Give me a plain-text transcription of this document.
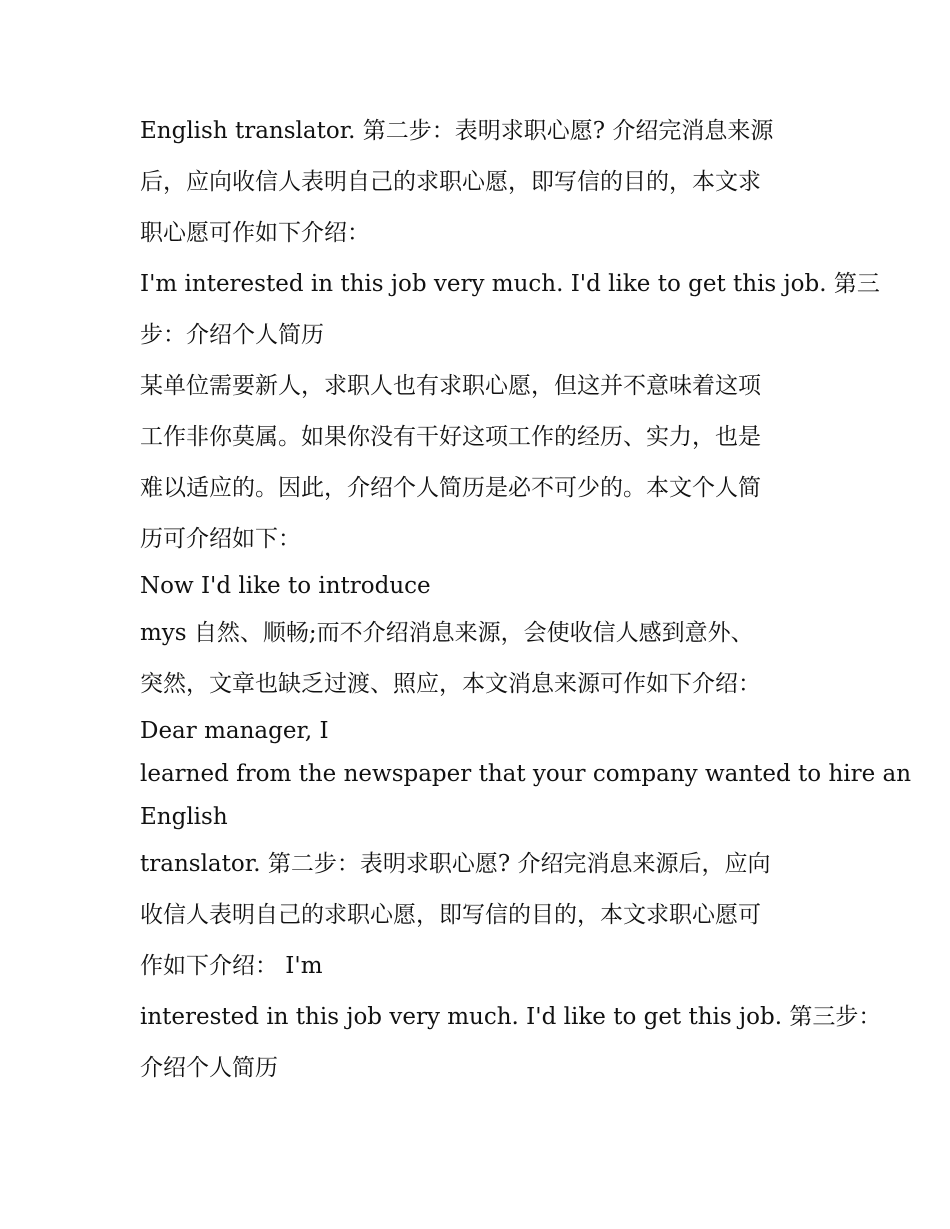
English translator. 第二步：表明求职心愿? 介绍完消息来源
后，应向收信人表明自己的求职心愿，即写信的目的，本文求
职心愿可作如下介绍：
I'm interested in this job very much. I'd like to get this job. 第三
步：介绍个人简历
某单位需要新人，求职人也有求职心愿，但这并不意味着这项
工作非你莫属。如果你没有干好这项工作的经历、实力，也是
难以适应的。因此，介绍个人简历是必不可少的。本文个人简
历可介绍如下：
Now I'd like to introduce
mys 自然、顺畅;而不介绍消息来源，会使收信人感到意外、
突然，文章也缺乏过渡、照应，本文消息来源可作如下介绍：
Dear manager, I
learned from the newspaper that your company wanted to hire an
English
translator. 第二步：表明求职心愿? 介绍完消息来源后，应向
收信人表明自己的求职心愿，即写信的目的，本文求职心愿可
作如下介绍： I'm
interested in this job very much. I'd like to get this job. 第三步：
介绍个人简历
